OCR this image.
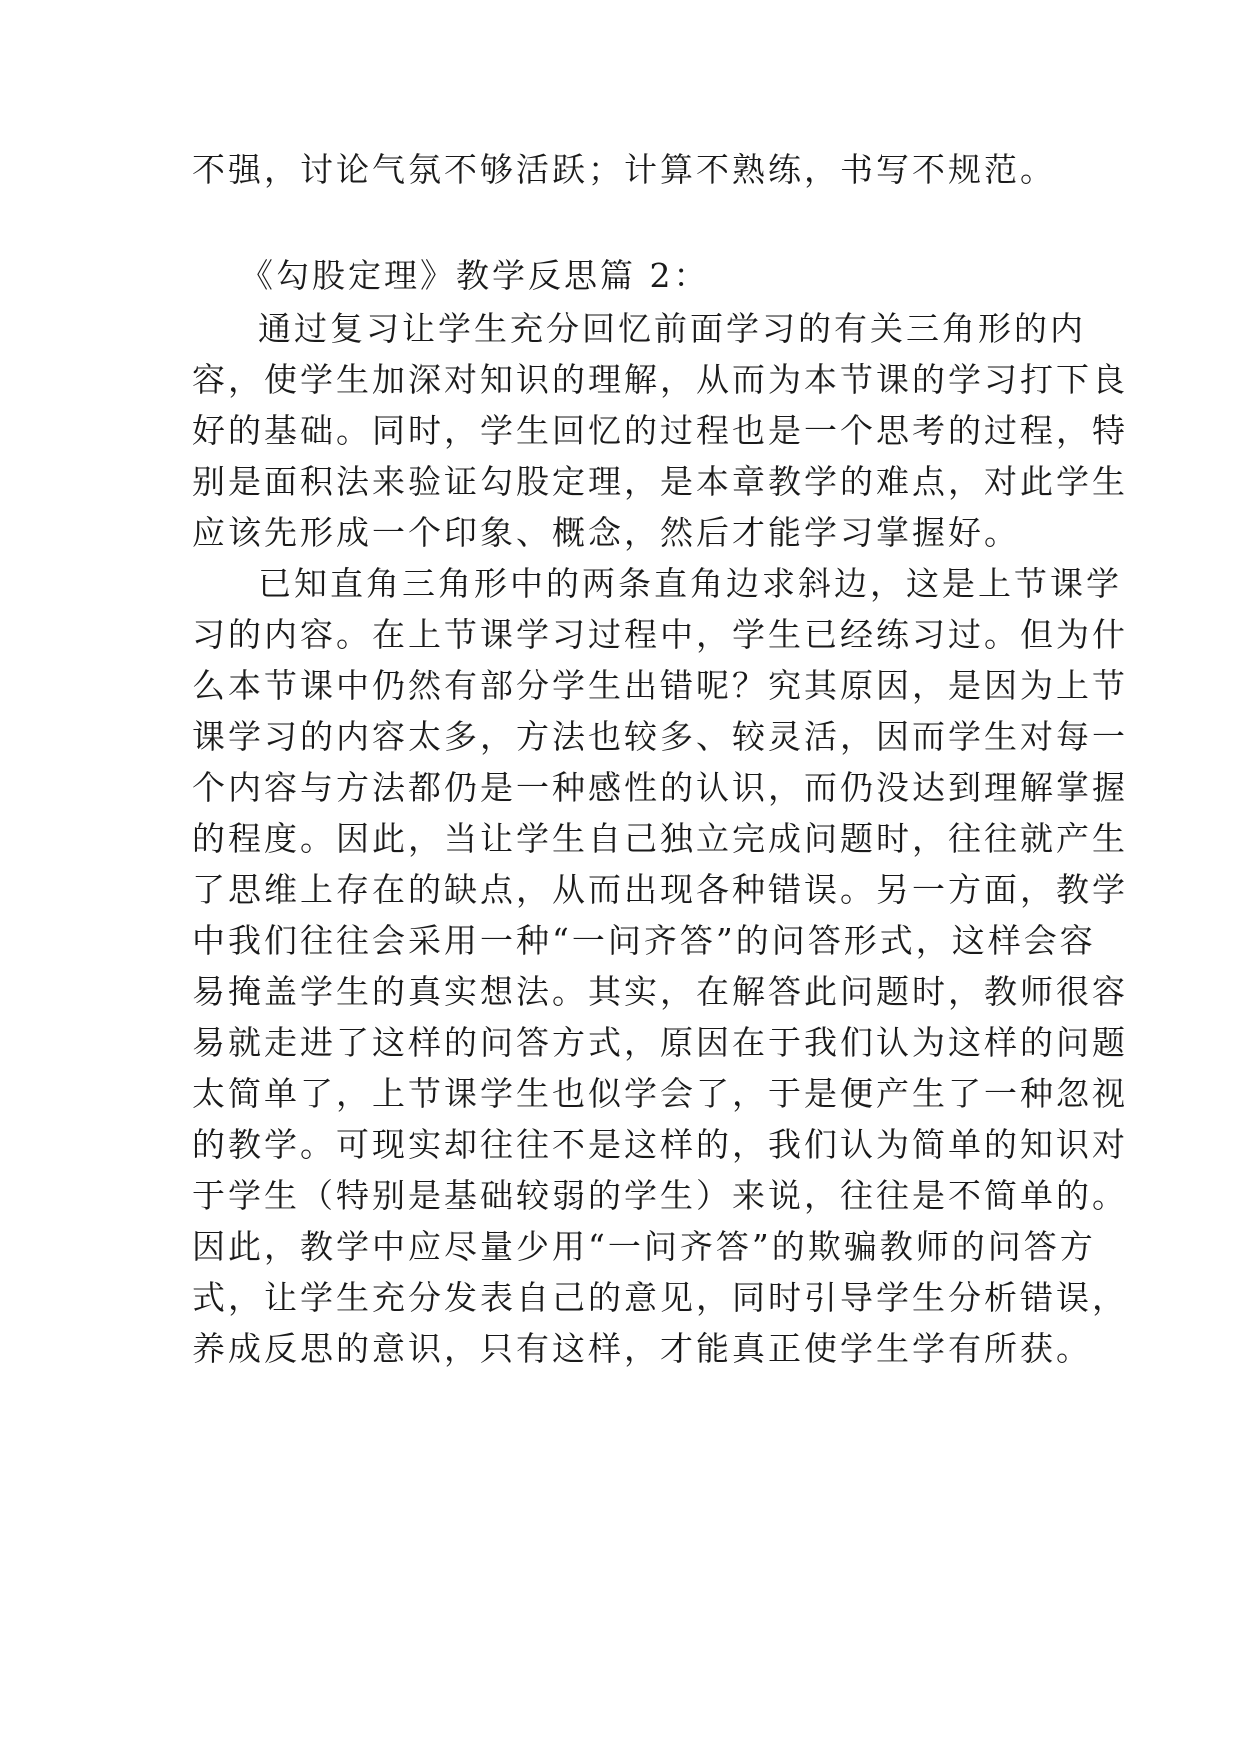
不强，讨论气氛不够活跃；计算不熟练，书写不规范。
《勾股定理》教学反思篇 2：
通过复习让学生充分回忆前面学习的有关三角形的内
容，使学生加深对知识的理解，从而为本节课的学习打下良
好的基础。同时，学生回忆的过程也是一个思考的过程，特
别是面积法来验证勾股定理，是本章教学的难点，对此学生
应该先形成一个印象、概念，然后才能学习掌握好。
已知直角三角形中的两条直角边求斜边，这是上节课学
习的内容。在上节课学习过程中，学生已经练习过。但为什
么本节课中仍然有部分学生出错呢？究其原因，是因为上节
课学习的内容太多，方法也较多、较灵活，因而学生对每一
个内容与方法都仍是一种感性的认识，而仍没达到理解掌握
的程度。因此，当让学生自己独立完成问题时，往往就产生
了思维上存在的缺点，从而出现各种错误。另一方面，教学
中我们往往会采用一种“一问齐答”的问答形式，这样会容
易掩盖学生的真实想法。其实，在解答此问题时，教师很容
易就走进了这样的问答方式，原因在于我们认为这样的问题
太简单了，上节课学生也似学会了，于是便产生了一种忽视
的教学。可现实却往往不是这样的，我们认为简单的知识对
于学生（特别是基础较弱的学生）来说，往往是不简单的。
因此，教学中应尽量少用“一问齐答”的欺骗教师的问答方
式，让学生充分发表自己的意见，同时引导学生分析错误，
养成反思的意识，只有这样，才能真正使学生学有所获。
